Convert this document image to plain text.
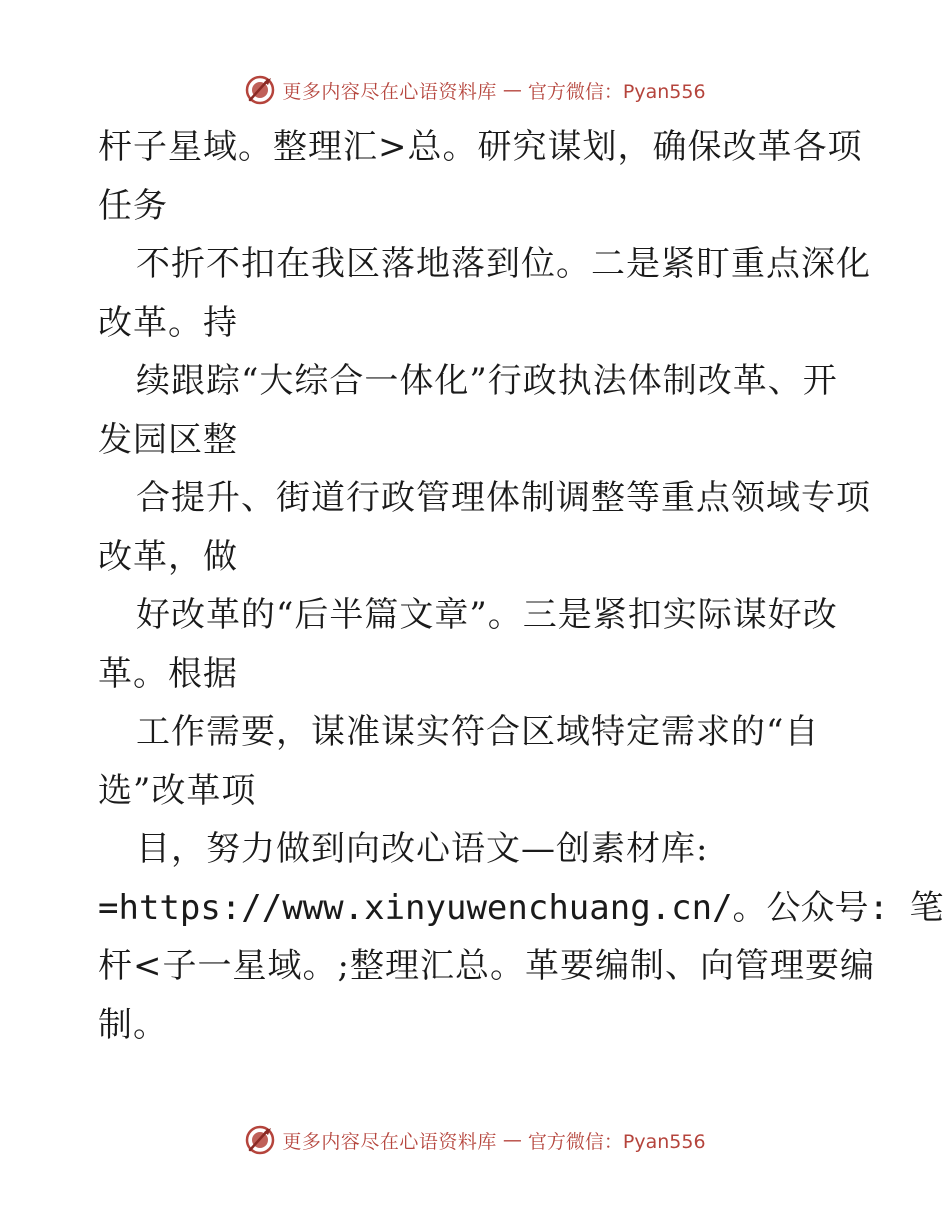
更多内容尽在心语资料库 — 官方微信：Pyan556
杆子星域。整理汇>总。研究谋划，确保改革各项
任务
不折不扣在我区落地落到位。二是紧盯重点深化
改革。持
续跟踪“大综合一体化”行政执法体制改革、开
发园区整
合提升、街道行政管理体制调整等重点领域专项
改革，做
好改革的“后半篇文章”。三是紧扣实际谋好改
革。根据
工作需要，谋准谋实符合区域特定需求的“自
选”改革项
目，努力做到向改心语文—创素材库:
=https://www.xinyuwenchuang.cn/。公众号: 笔
杆<子一星域。;整理汇总。革要编制、向管理要编
制。
更多内容尽在心语资料库 — 官方微信：Pyan556
